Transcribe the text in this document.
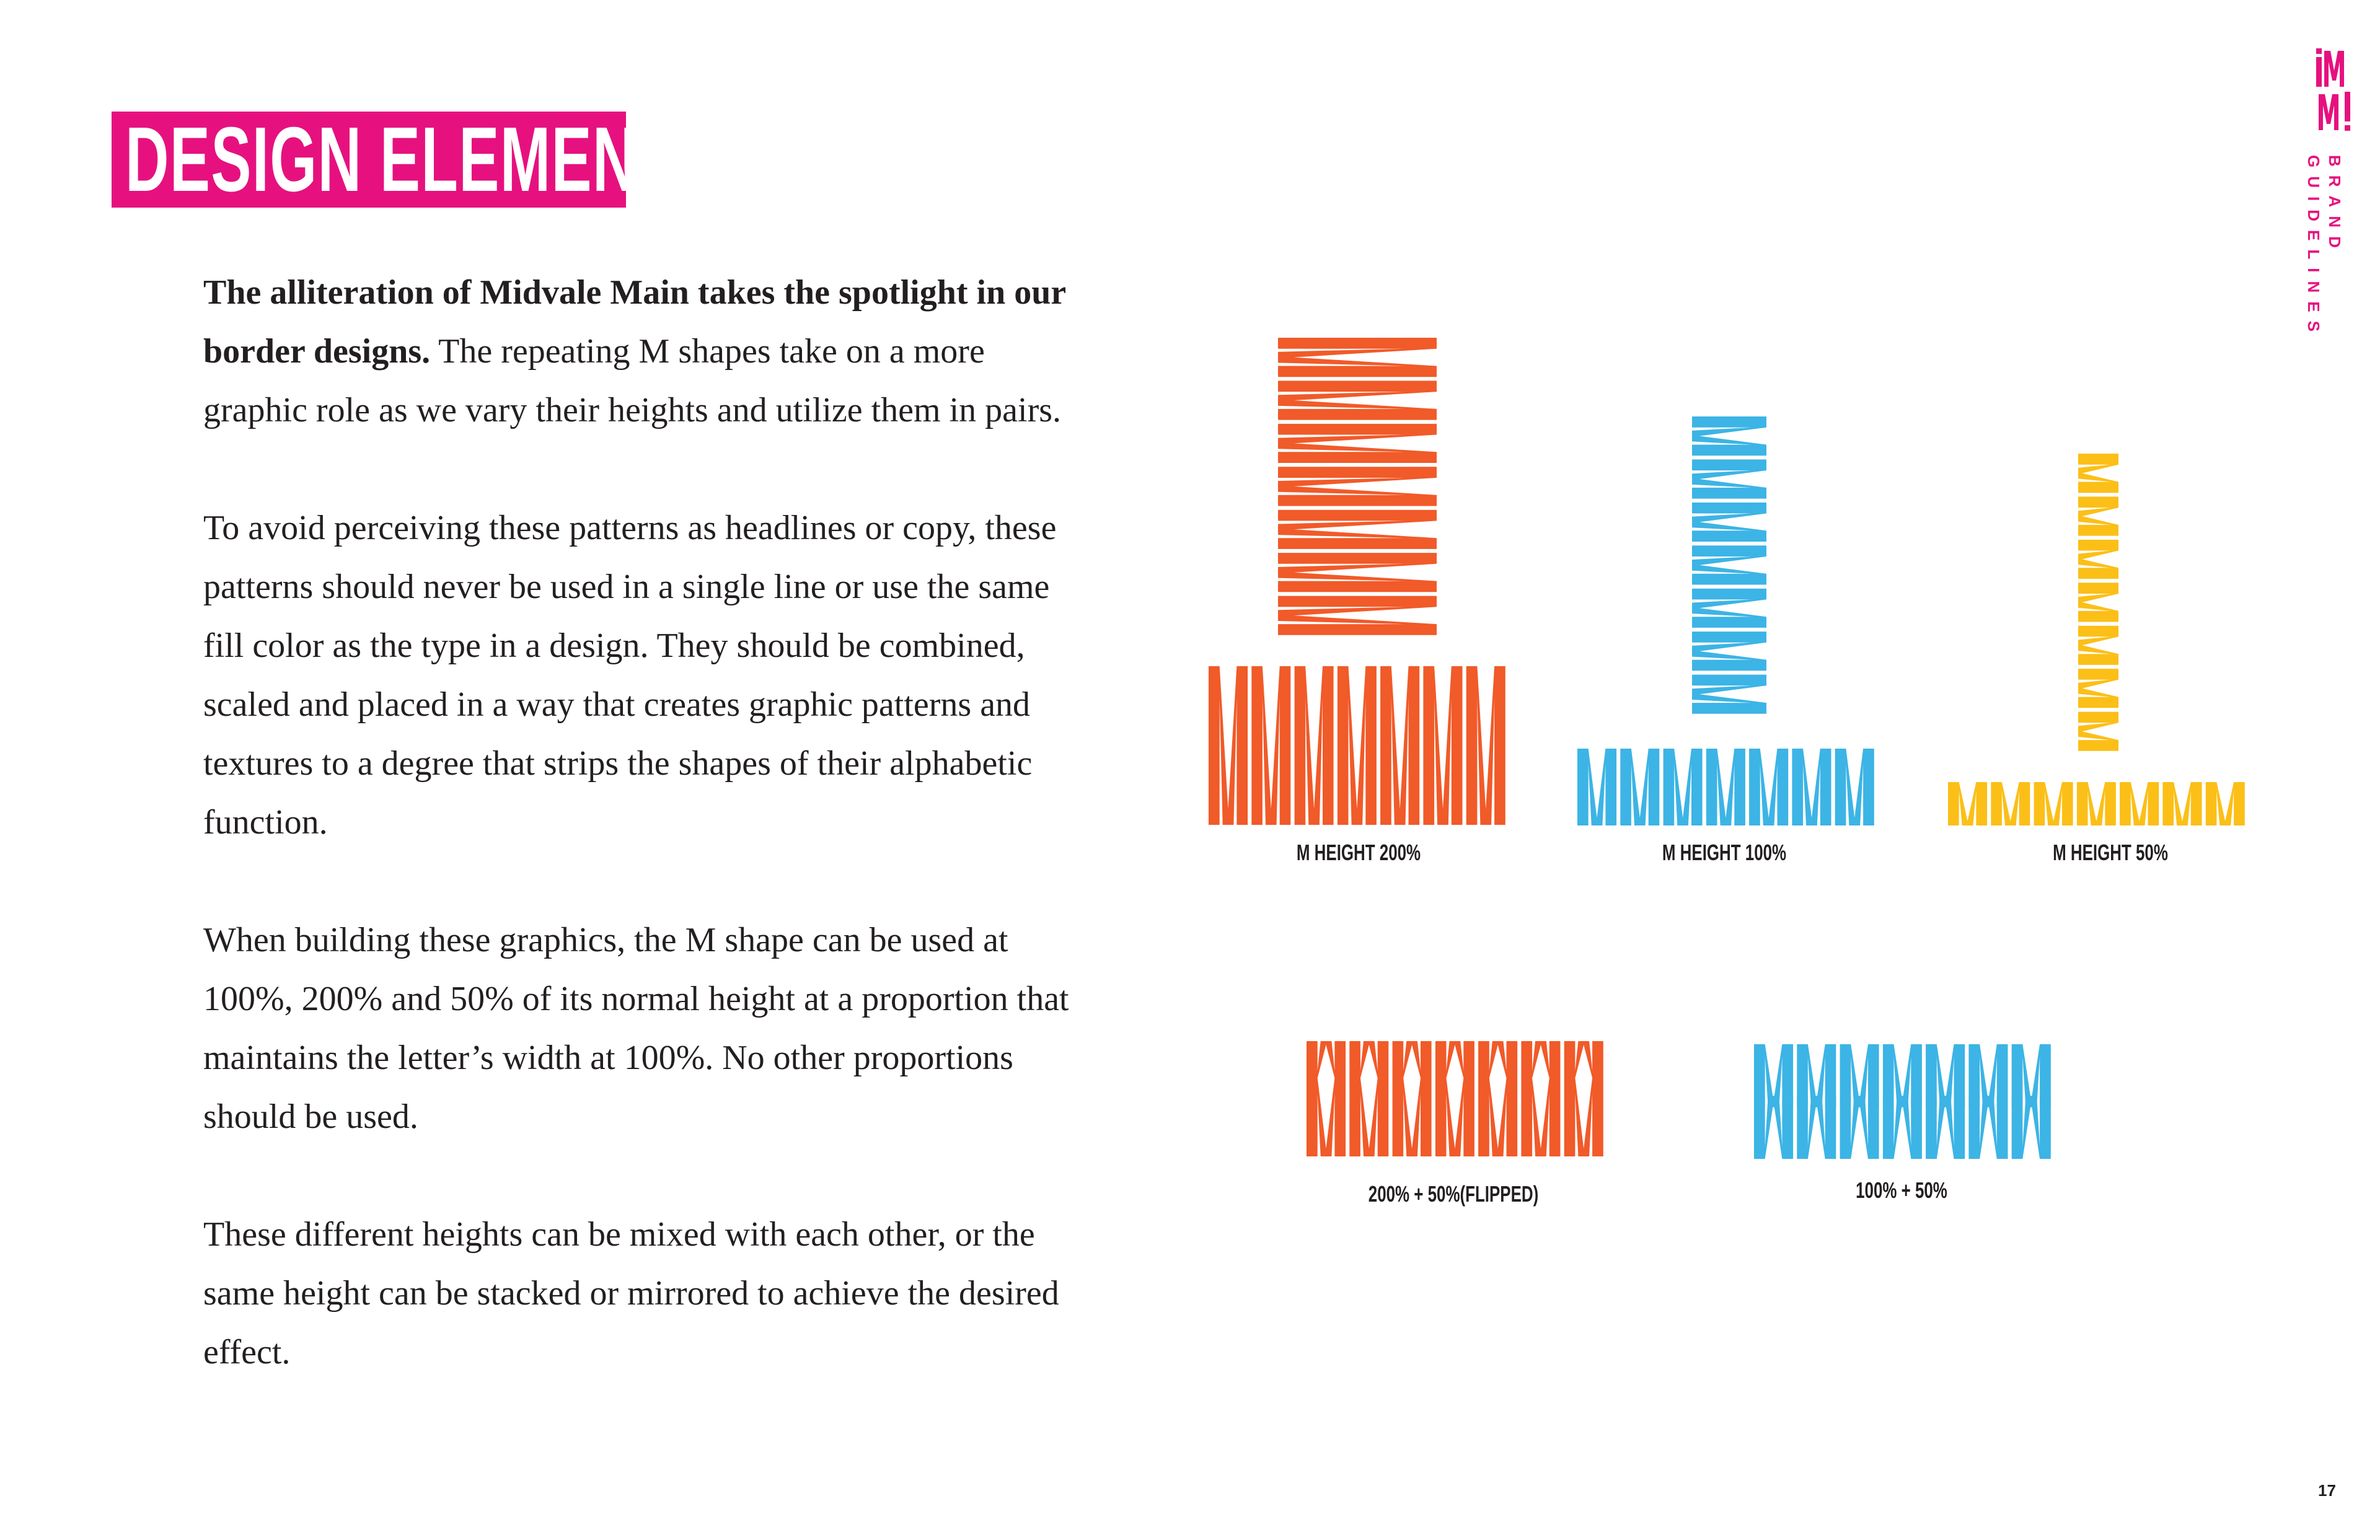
DESIGN ELEMENTS	BRAND GUIDELINES

The alliteration of Midvale Main takes the spotlight in our border designs. The repeating M shapes take on a more graphic role as we vary their heights and utilize them in pairs.

To avoid perceiving these patterns as headlines or copy, these patterns should never be used in a single line or use the same fill color as the type in a design. They should be combined, scaled and placed in a way that creates graphic patterns and textures to a degree that strips the shapes of their alphabetic function.

When building these graphics, the M shape can be used at 100%, 200% and 50% of its normal height at a proportion that maintains the letter’s width at 100%. No other proportions should be used.

These different heights can be mixed with each other, or the same height can be stacked or mirrored to achieve the desired effect.

M HEIGHT 200%	M HEIGHT 100%	M HEIGHT 50%
200% + 50%(FLIPPED)	100% + 50%
17
